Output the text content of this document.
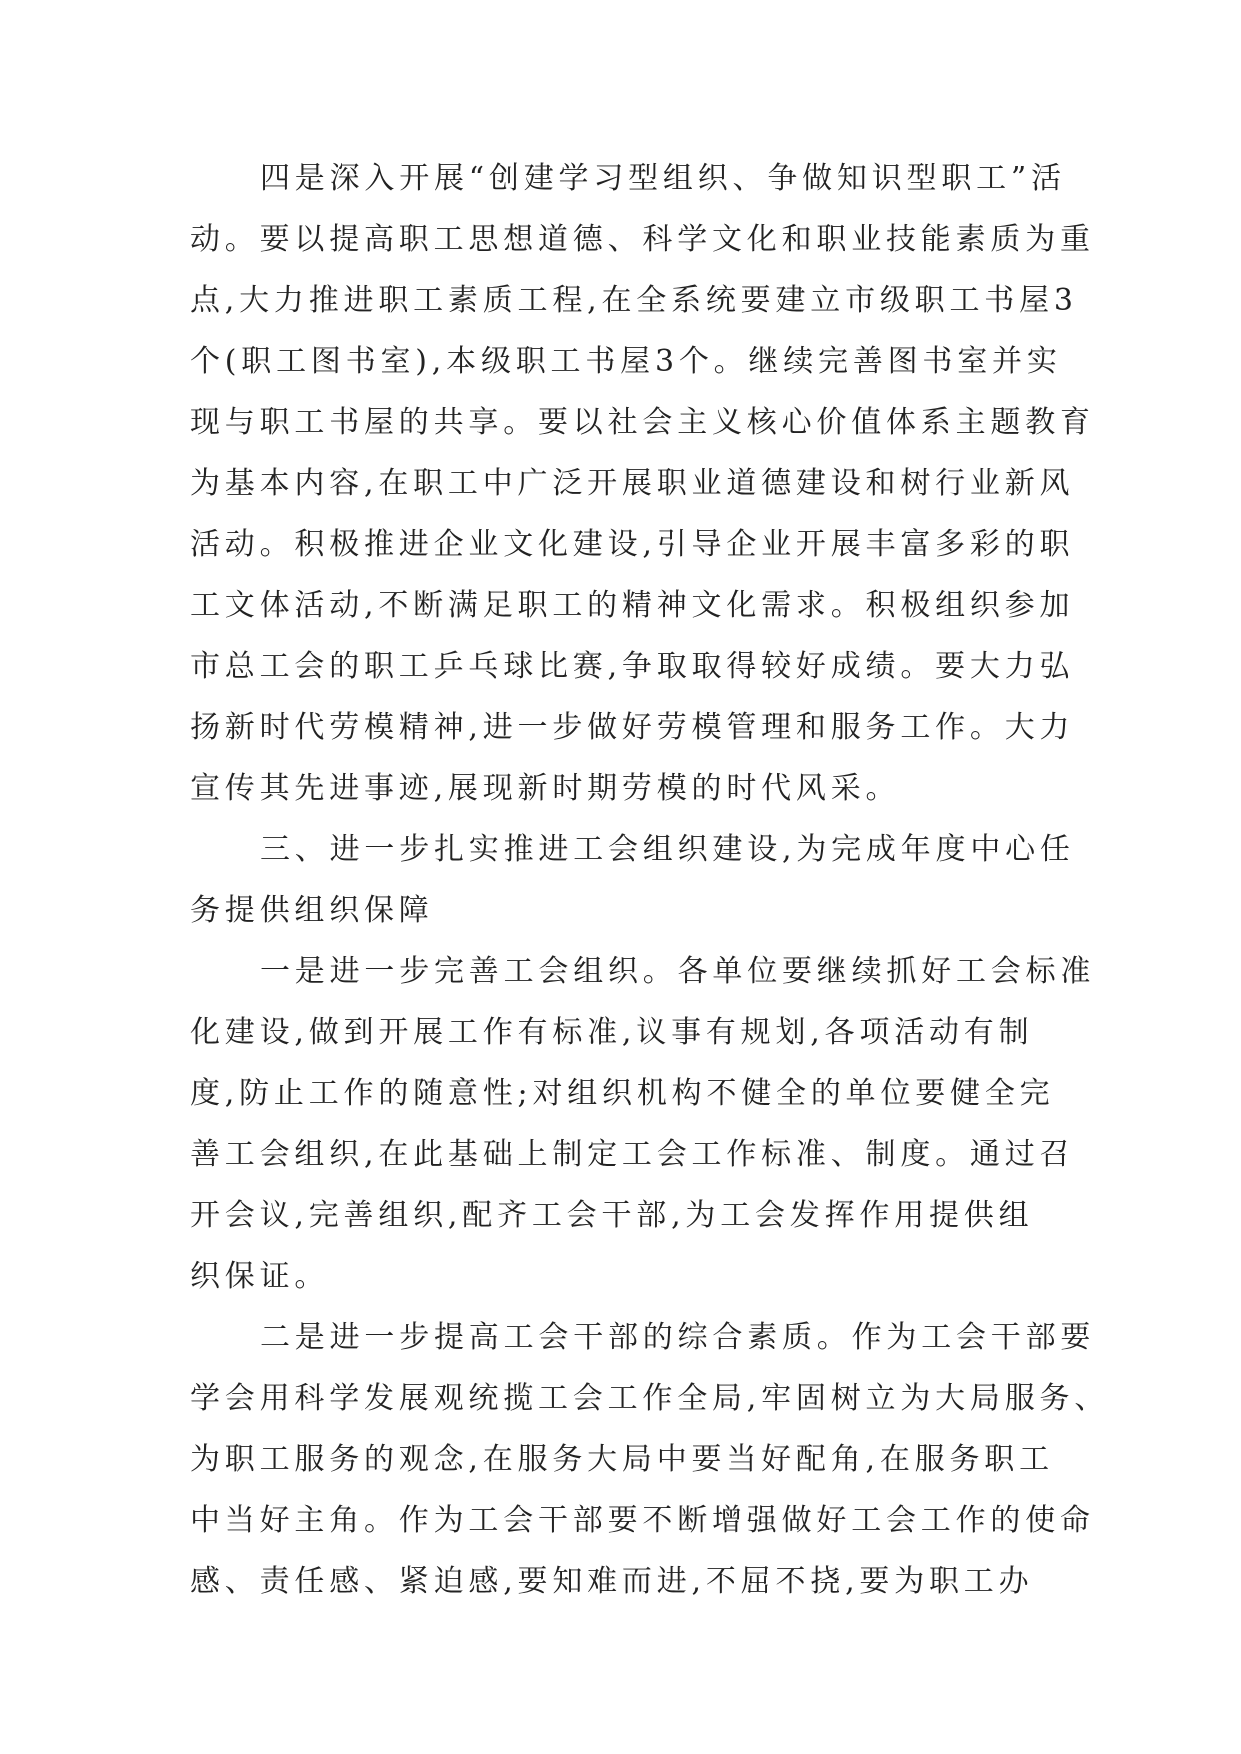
四是深入开展“创建学习型组织、争做知识型职工”活
动。要以提高职工思想道德、科学文化和职业技能素质为重
点,大力推进职工素质工程,在全系统要建立市级职工书屋3
个(职工图书室),本级职工书屋3个。继续完善图书室并实
现与职工书屋的共享。要以社会主义核心价值体系主题教育
为基本内容,在职工中广泛开展职业道德建设和树行业新风
活动。积极推进企业文化建设,引导企业开展丰富多彩的职
工文体活动,不断满足职工的精神文化需求。积极组织参加
市总工会的职工乒乓球比赛,争取取得较好成绩。要大力弘
扬新时代劳模精神,进一步做好劳模管理和服务工作。大力
宣传其先进事迹,展现新时期劳模的时代风采。
三、进一步扎实推进工会组织建设,为完成年度中心任
务提供组织保障
一是进一步完善工会组织。各单位要继续抓好工会标准
化建设,做到开展工作有标准,议事有规划,各项活动有制
度,防止工作的随意性;对组织机构不健全的单位要健全完
善工会组织,在此基础上制定工会工作标准、制度。通过召
开会议,完善组织,配齐工会干部,为工会发挥作用提供组
织保证。
二是进一步提高工会干部的综合素质。作为工会干部要
学会用科学发展观统揽工会工作全局,牢固树立为大局服务、
为职工服务的观念,在服务大局中要当好配角,在服务职工
中当好主角。作为工会干部要不断增强做好工会工作的使命
感、责任感、紧迫感,要知难而进,不屈不挠,要为职工办
